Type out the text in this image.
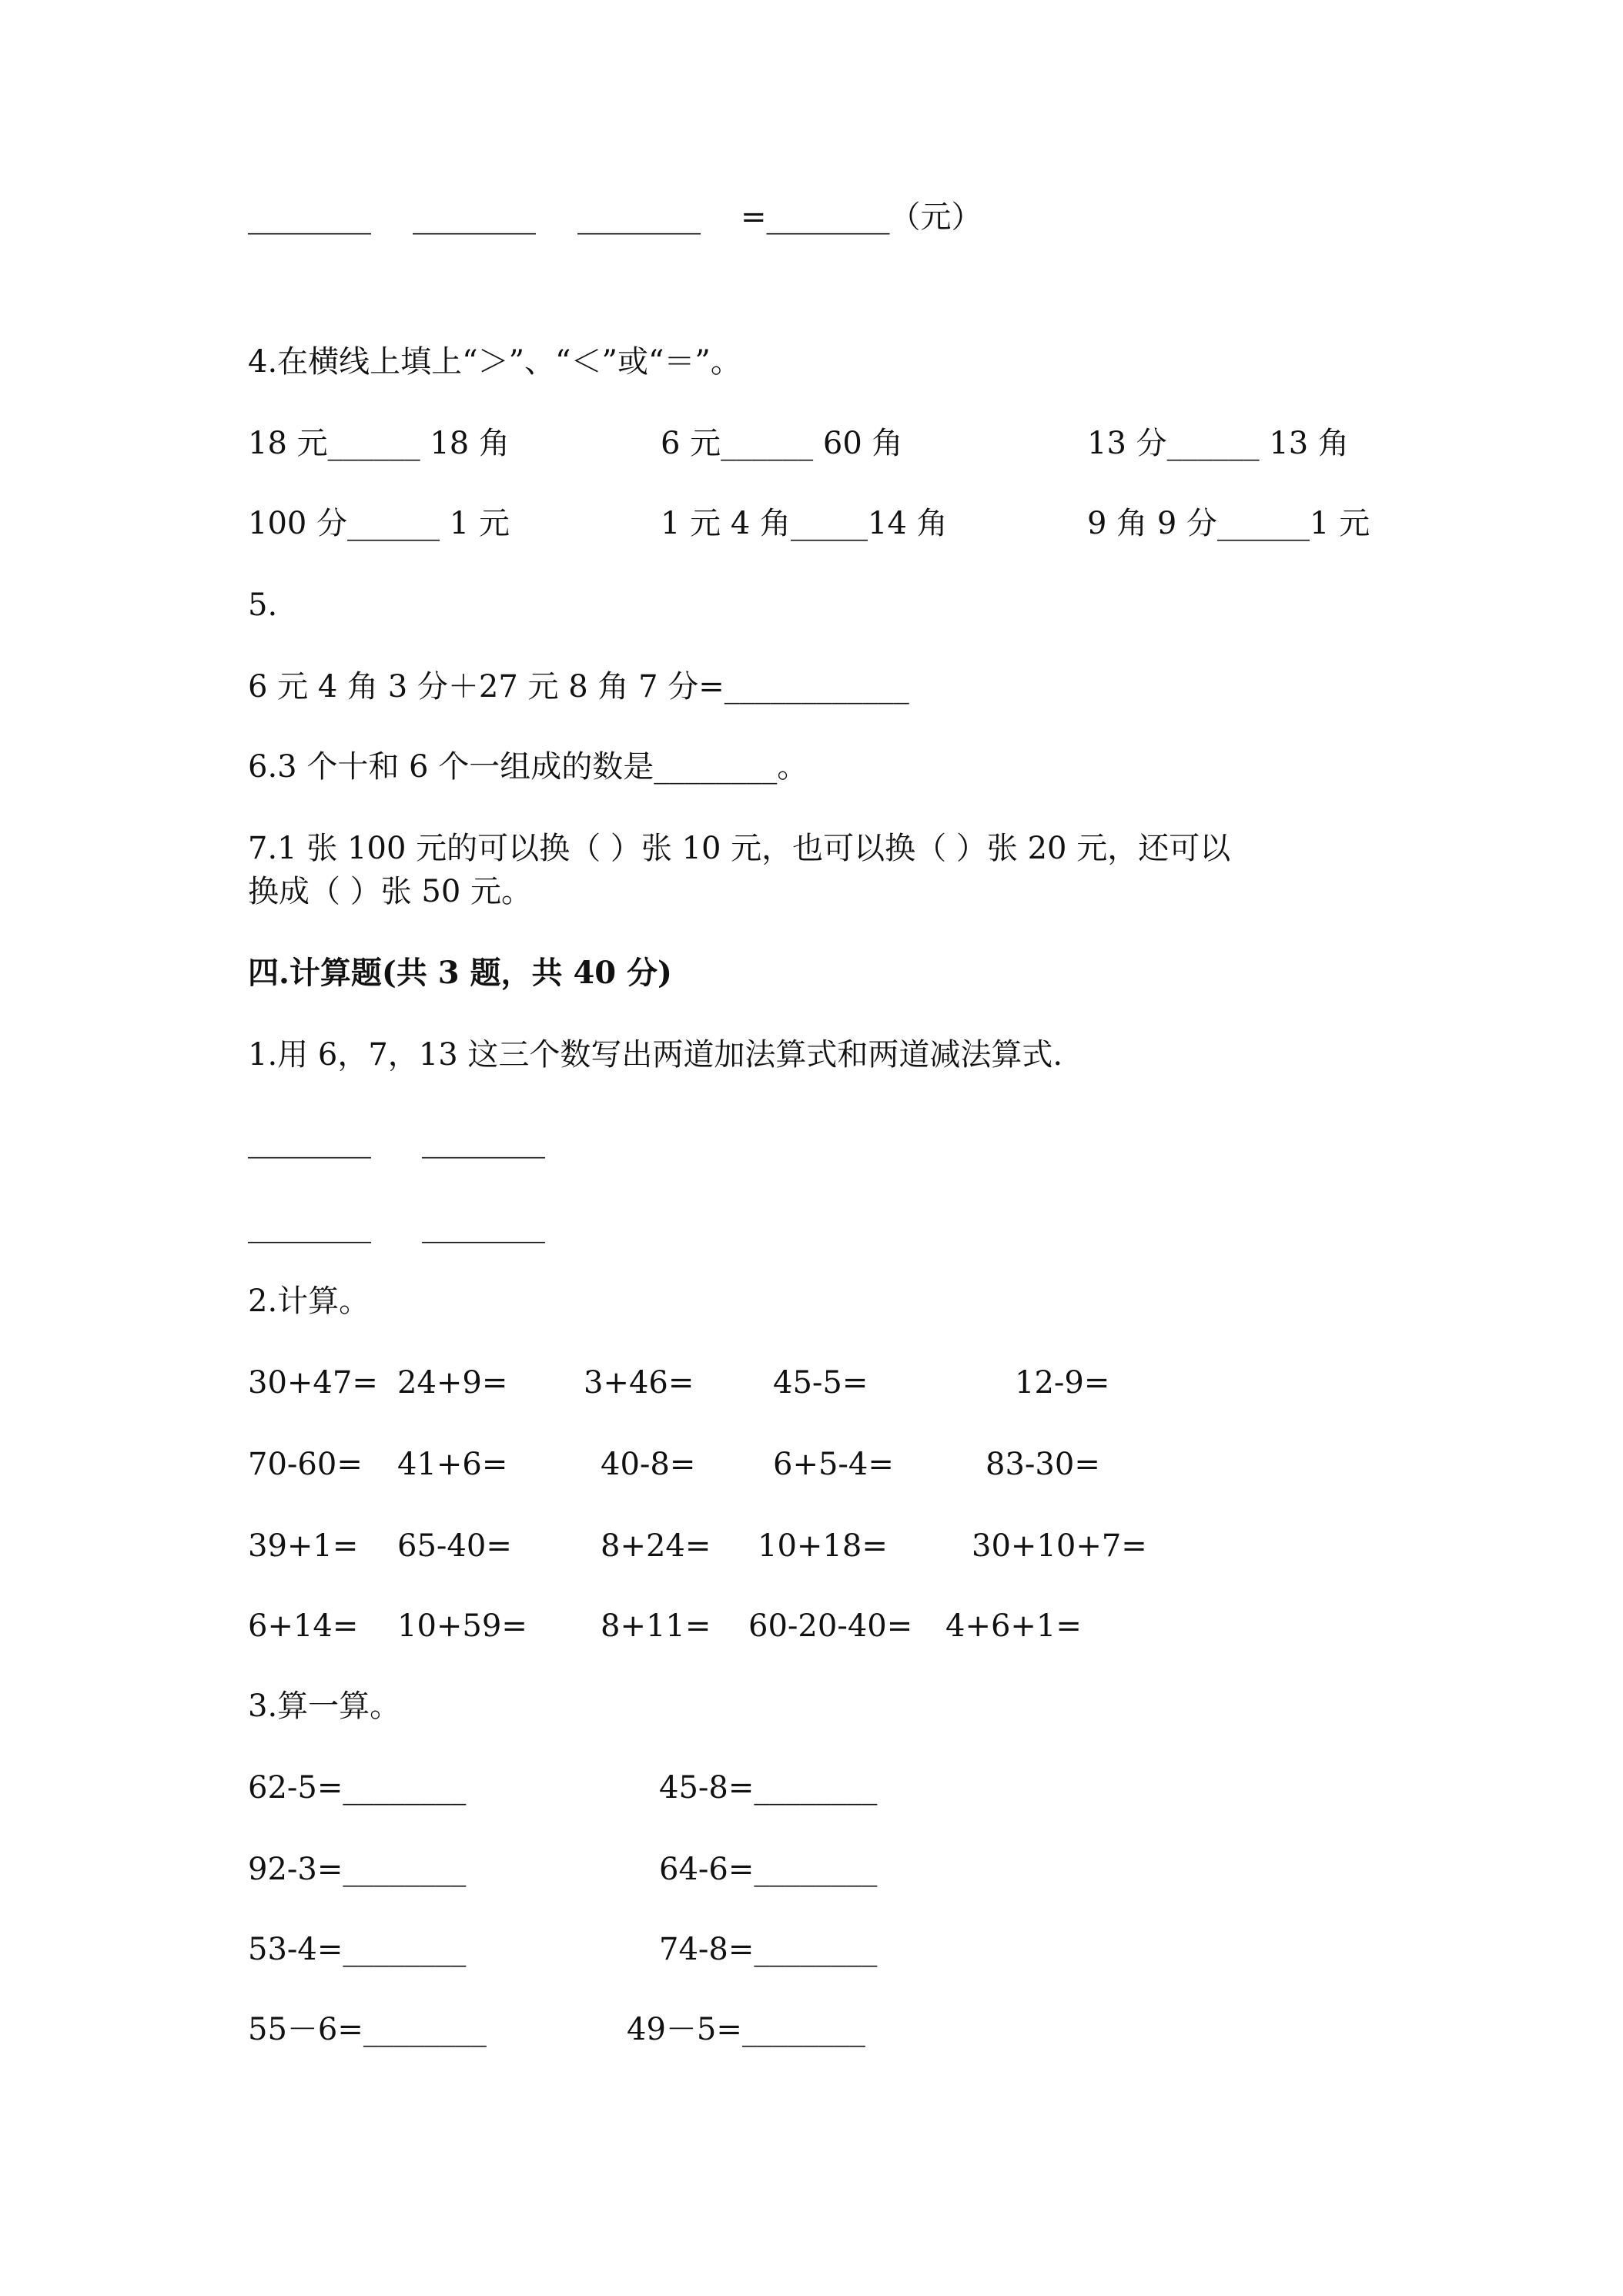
________ ________ ________ =________（元）
4.在横线上填上“＞”、“＜”或“＝”。
18 元______ 18 角	6 元______ 60 角	13 分______ 13 角
100 分______ 1 元	1 元 4 角_____14 角	9 角 9 分______1 元
5.
6 元 4 角 3 分＋27 元 8 角 7 分=____________
6.3 个十和 6 个一组成的数是________。
7.1 张 100 元的可以换（ ）张 10 元，也可以换（ ）张 20 元，还可以
换成（ ）张 50 元。
四.计算题(共 3 题，共 40 分)
1.用 6，7，13 这三个数写出两道加法算式和两道减法算式.
________ ________
________ ________
2.计算。
30+47= 24+9= 3+46=	45-5=	12-9=
70-60= 41+6=	40-8=	6+5-4=	83-30=
39+1= 65-40=	8+24= 10+18=	30+10+7=
6+14= 10+59= 8+11= 60-20-40= 4+6+1=
3.算一算。
62-5=________	45-8=________
92-3=________	64-6=________
53-4=________	74-8=________
55－6=________	49－5=________
